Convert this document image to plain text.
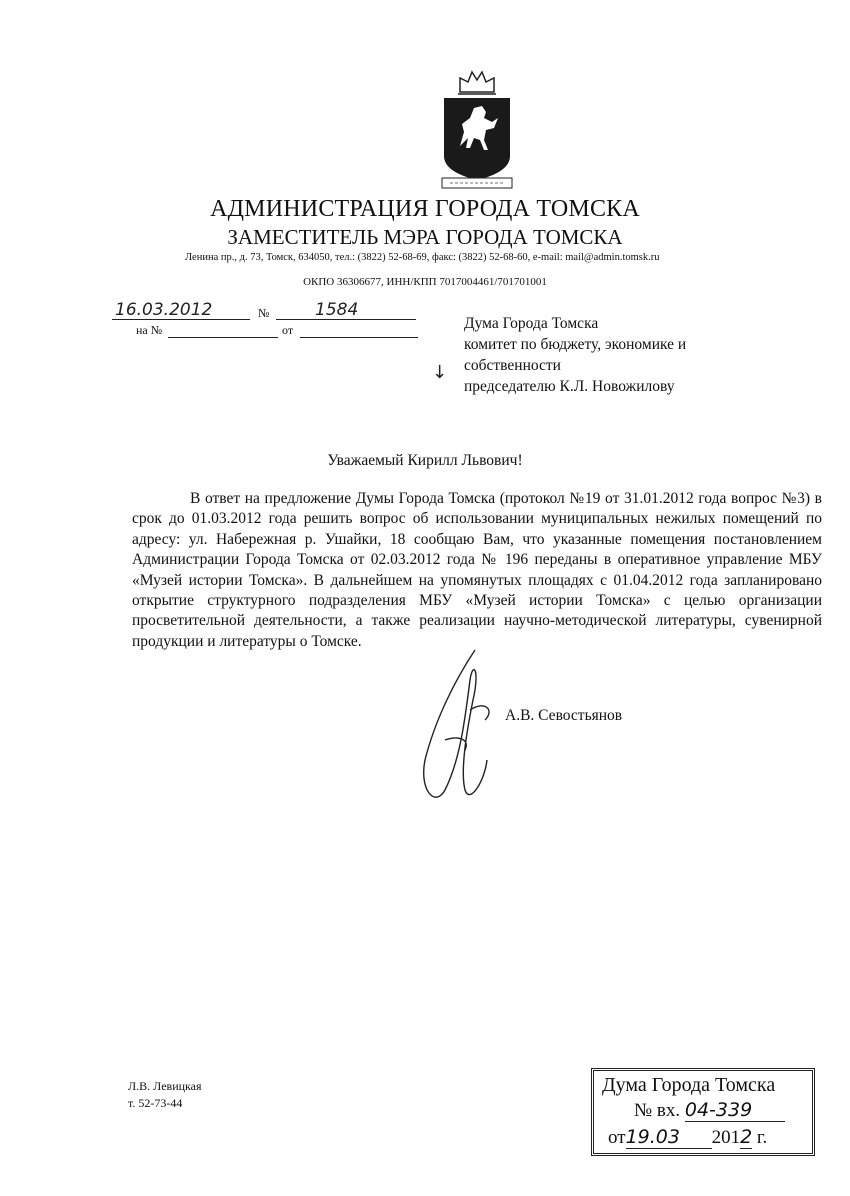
АДМИНИСТРАЦИЯ ГОРОДА ТОМСКА
ЗАМЕСТИТЕЛЬ МЭРА ГОРОДА ТОМСКА
Ленина пр., д. 73, Томск, 634050, тел.: (3822) 52-68-69, факс: (3822) 52-68-60, e-mail: mail@admin.tomsk.ru
ОКПО 36306677, ИНН/КПП 7017004461/701701001
16.03.2012	№	1584
на №	от
↓
Дума Города Томска
комитет по бюджету, экономике и
собственности
председателю К.Л. Новожилову
Уважаемый Кирилл Львович!
В ответ на предложение Думы Города Томска (протокол №19 от 31.01.2012 года вопрос №3) в срок до 01.03.2012 года решить вопрос об использовании муниципальных нежилых помещений по адресу: ул. Набережная р. Ушайки, 18 сообщаю Вам, что указанные помещения постановлением Администрации Города Томска от 02.03.2012 года № 196 переданы в оперативное управление МБУ «Музей истории Томска». В дальнейшем на упомянутых площадях с 01.04.2012 года запланировано открытие структурного подразделения МБУ «Музей истории Томска» с целью организации просветительной деятельности, а также реализации научно-методической литературы, сувенирной продукции и литературы о Томске.
А.В. Севостьянов
Л.В. Левицкая
т. 52-73-44
Дума Города Томска
№ вх. 04-339
от19.03 2012 г.
